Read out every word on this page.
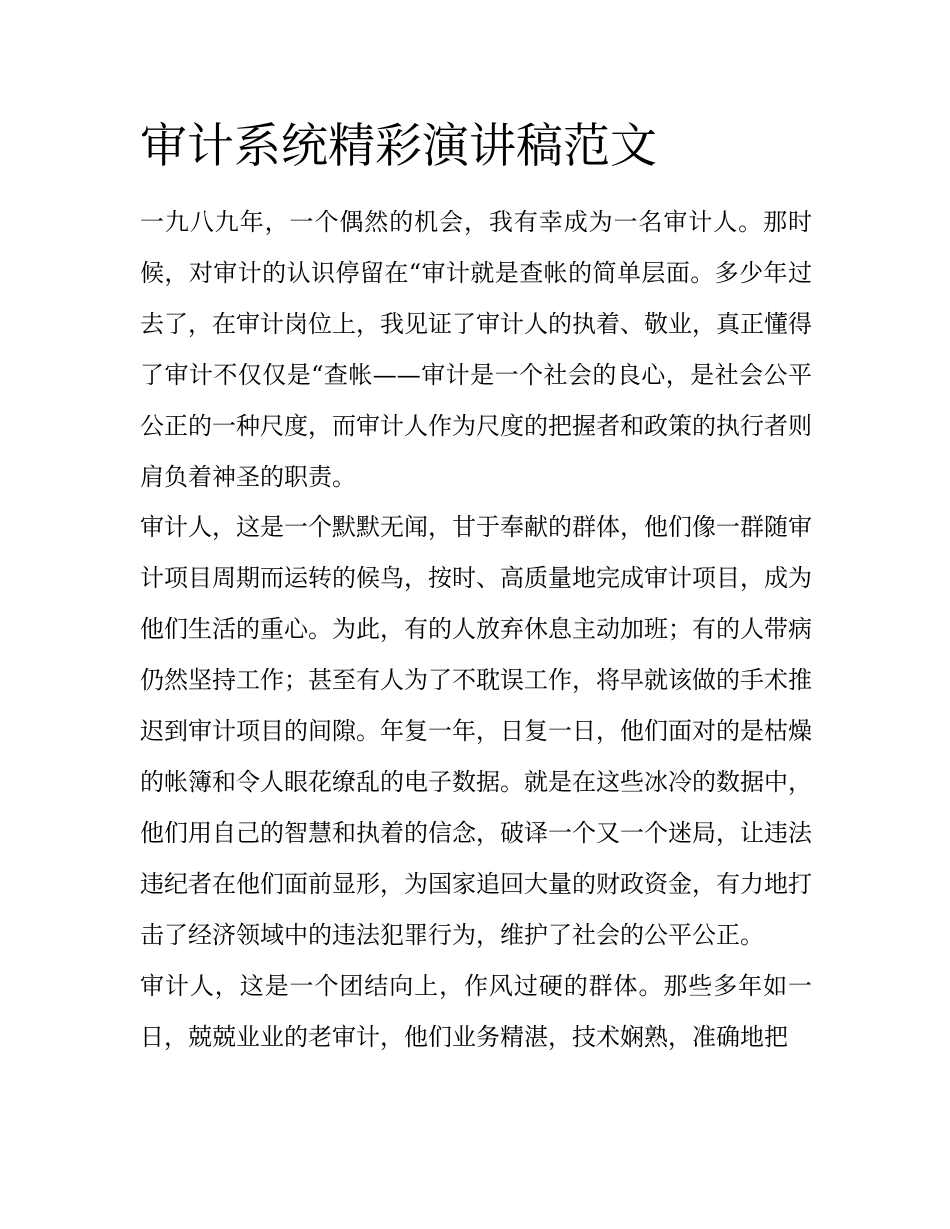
审计系统精彩演讲稿范文

一九八九年，一个偶然的机会，我有幸成为一名审计人。那时候，对审计的认识停留在“审计就是查帐的简单层面。多少年过去了，在审计岗位上，我见证了审计人的执着、敬业，真正懂得了审计不仅仅是“查帐——审计是一个社会的良心，是社会公平公正的一种尺度，而审计人作为尺度的把握者和政策的执行者则肩负着神圣的职责。

审计人，这是一个默默无闻，甘于奉献的群体，他们像一群随审计项目周期而运转的候鸟，按时、高质量地完成审计项目，成为他们生活的重心。为此，有的人放弃休息主动加班；有的人带病仍然坚持工作；甚至有人为了不耽误工作，将早就该做的手术推迟到审计项目的间隙。年复一年，日复一日，他们面对的是枯燥的帐簿和令人眼花缭乱的电子数据。就是在这些冰冷的数据中，他们用自己的智慧和执着的信念，破译一个又一个迷局，让违法违纪者在他们面前显形，为国家追回大量的财政资金，有力地打击了经济领域中的违法犯罪行为，维护了社会的公平公正。

审计人，这是一个团结向上，作风过硬的群体。那些多年如一日，兢兢业业的老审计，他们业务精湛，技术娴熟，准确地把
